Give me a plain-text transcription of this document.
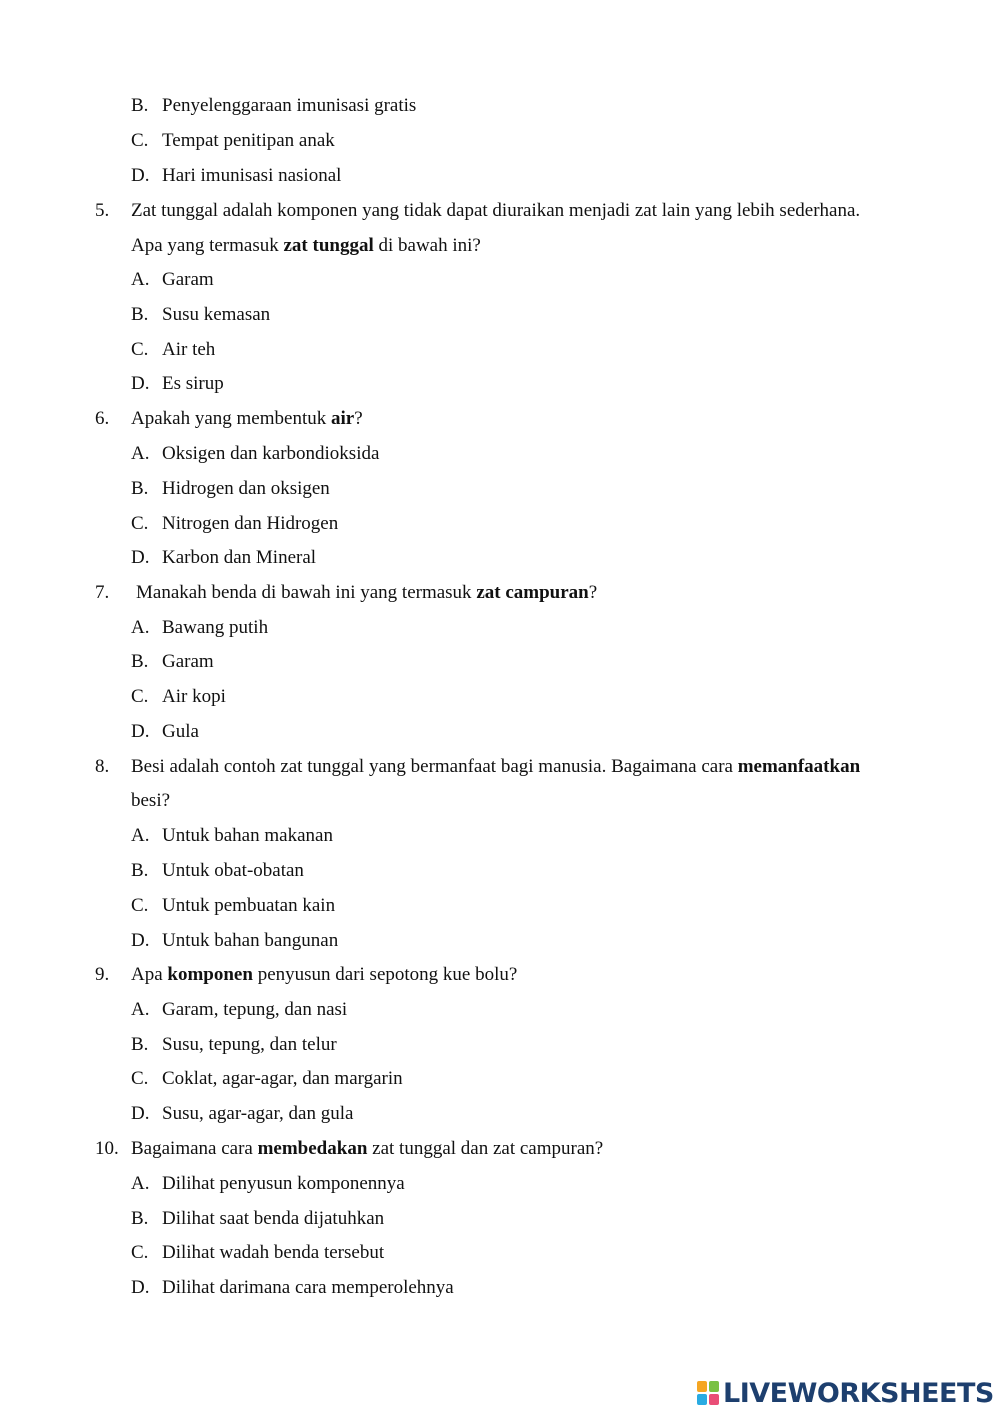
B. Penyelenggaraan imunisasi gratis
C. Tempat penitipan anak
D. Hari imunisasi nasional
5. Zat tunggal adalah komponen yang tidak dapat diuraikan menjadi zat lain yang lebih sederhana.
Apa yang termasuk zat tunggal di bawah ini?
A. Garam
B. Susu kemasan
C. Air teh
D. Es sirup
6. Apakah yang membentuk air?
A. Oksigen dan karbondioksida
B. Hidrogen dan oksigen
C. Nitrogen dan Hidrogen
D. Karbon dan Mineral
7. Manakah benda di bawah ini yang termasuk zat campuran?
A. Bawang putih
B. Garam
C. Air kopi
D. Gula
8. Besi adalah contoh zat tunggal yang bermanfaat bagi manusia. Bagaimana cara memanfaatkan
besi?
A. Untuk bahan makanan
B. Untuk obat-obatan
C. Untuk pembuatan kain
D. Untuk bahan bangunan
9. Apa komponen penyusun dari sepotong kue bolu?
A. Garam, tepung, dan nasi
B. Susu, tepung, dan telur
C. Coklat, agar-agar, dan margarin
D. Susu, agar-agar, dan gula
10. Bagaimana cara membedakan zat tunggal dan zat campuran?
A. Dilihat penyusun komponennya
B. Dilihat saat benda dijatuhkan
C. Dilihat wadah benda tersebut
D. Dilihat darimana cara memperolehnya
LIVEWORKSHEETS
